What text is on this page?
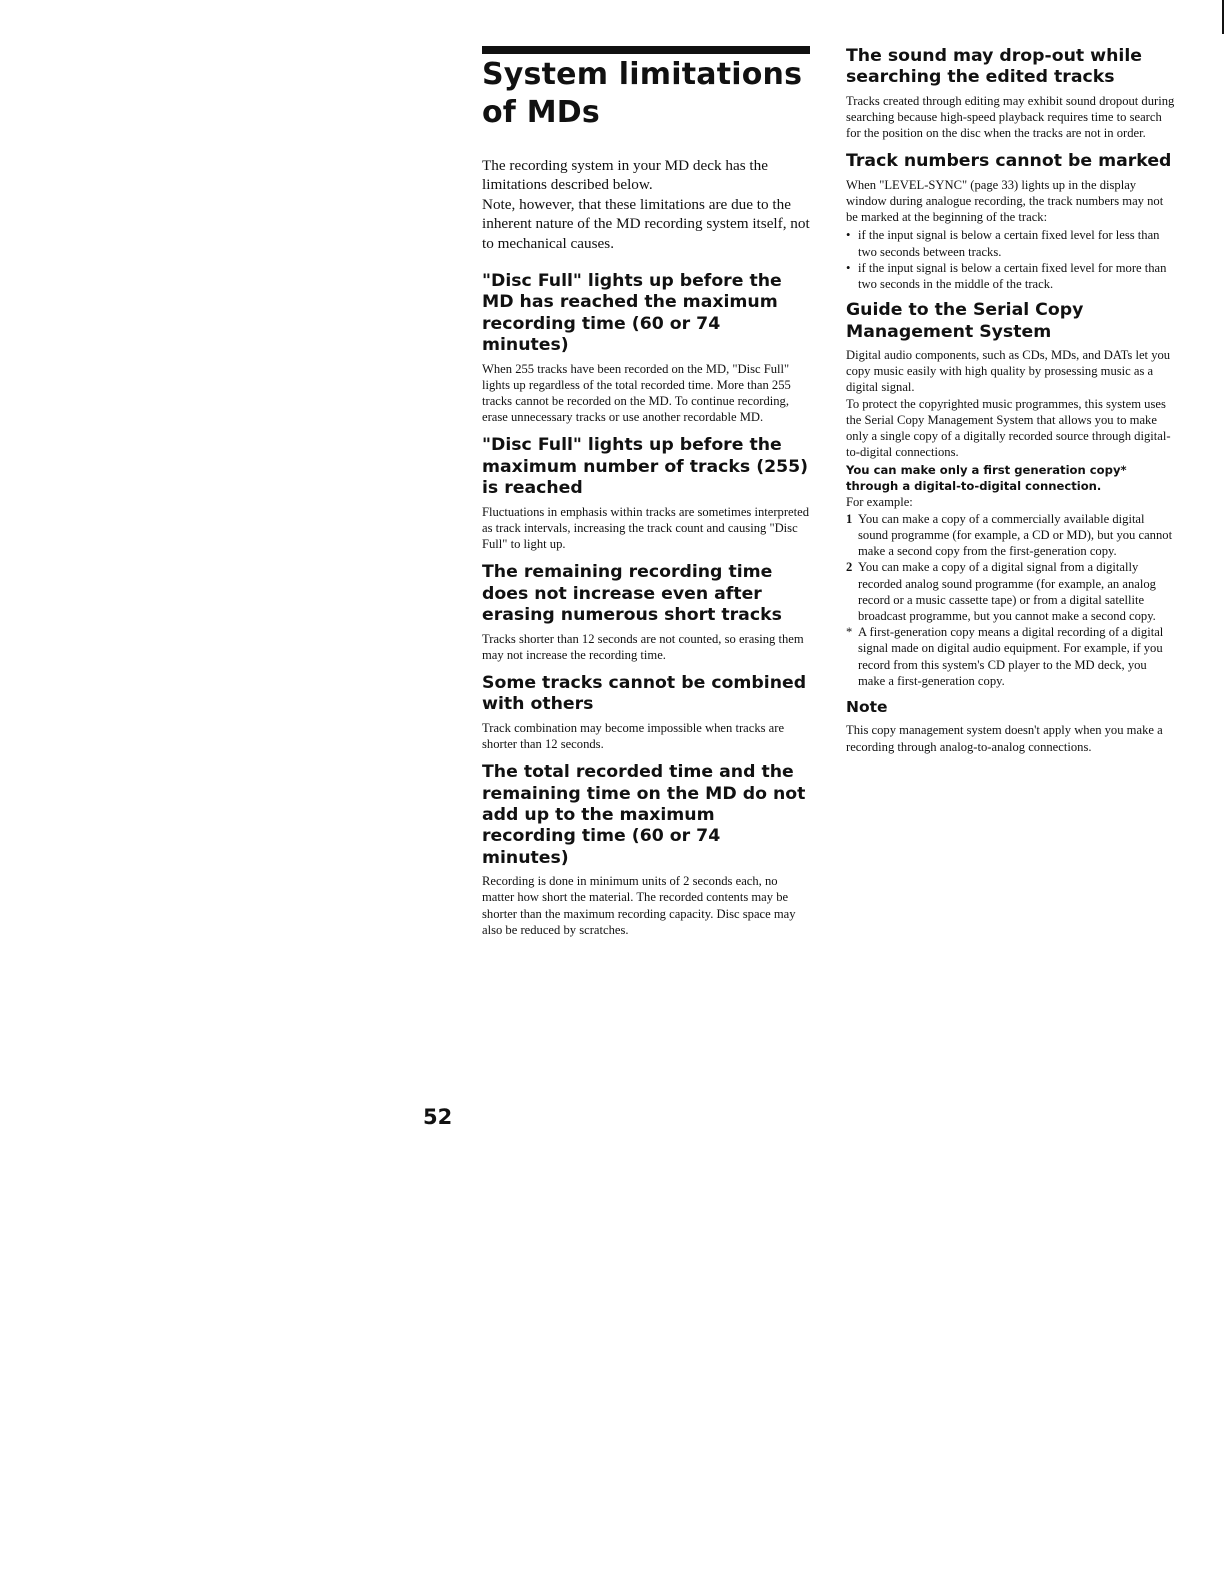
System limitations
of MDs

The recording system in your MD deck has the limitations described below.
Note, however, that these limitations are due to the inherent nature of the MD recording system itself, not to mechanical causes.

"Disc Full" lights up before the MD has reached the maximum recording time (60 or 74 minutes)

When 255 tracks have been recorded on the MD, "Disc Full" lights up regardless of the total recorded time. More than 255 tracks cannot be recorded on the MD. To continue recording, erase unnecessary tracks or use another recordable MD.

"Disc Full" lights up before the maximum number of tracks (255) is reached

Fluctuations in emphasis within tracks are sometimes interpreted as track intervals, increasing the track count and causing "Disc Full" to light up.

The remaining recording time does not increase even after erasing numerous short tracks

Tracks shorter than 12 seconds are not counted, so erasing them may not increase the recording time.

Some tracks cannot be combined with others

Track combination may become impossible when tracks are shorter than 12 seconds.

The total recorded time and the remaining time on the MD do not add up to the maximum recording time (60 or 74 minutes)

Recording is done in minimum units of 2 seconds each, no matter how short the material. The recorded contents may be shorter than the maximum recording capacity. Disc space may also be reduced by scratches.

The sound may drop-out while searching the edited tracks

Tracks created through editing may exhibit sound dropout during searching because high-speed playback requires time to search for the position on the disc when the tracks are not in order.

Track numbers cannot be marked

When "LEVEL-SYNC" (page 33) lights up in the display window during analogue recording, the track numbers may not be marked at the beginning of the track:

• if the input signal is below a certain fixed level for less than two seconds between tracks.
• if the input signal is below a certain fixed level for more than two seconds in the middle of the track.
Guide to the Serial Copy Management System

Digital audio components, such as CDs, MDs, and DATs let you copy music easily with high quality by prosessing music as a digital signal.

To protect the copyrighted music programmes, this system uses the Serial Copy Management System that allows you to make only a single copy of a digitally recorded source through digital-to-digital connections.

You can make only a first generation copy* through a digital-to-digital connection.

For example:

1 You can make a copy of a commercially available digital sound programme (for example, a CD or MD), but you cannot make a second copy from the first-generation copy.
2 You can make a copy of a digital signal from a digitally recorded analog sound programme (for example, an analog record or a music cassette tape) or from a digital satellite broadcast programme, but you cannot make a second copy.
* A first-generation copy means a digital recording of a digital signal made on digital audio equipment. For example, if you record from this system's CD player to the MD deck, you make a first-generation copy.
Note

This copy management system doesn't apply when you make a recording through analog-to-analog connections.

52
